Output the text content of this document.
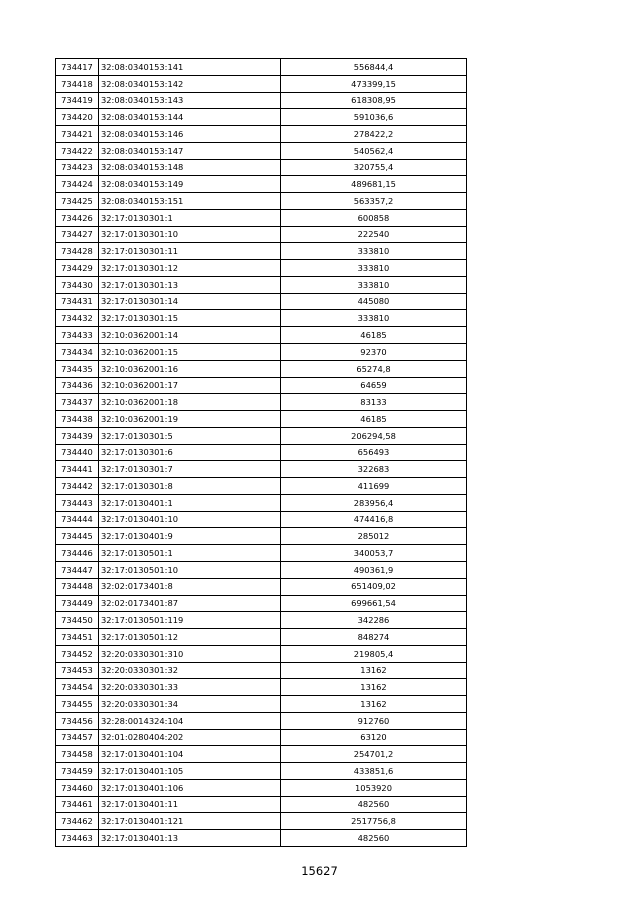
734417	32:08:0340153:141	556844,4
734418	32:08:0340153:142	473399,15
734419	32:08:0340153:143	618308,95
734420	32:08:0340153:144	591036,6
734421	32:08:0340153:146	278422,2
734422	32:08:0340153:147	540562,4
734423	32:08:0340153:148	320755,4
734424	32:08:0340153:149	489681,15
734425	32:08:0340153:151	563357,2
734426	32:17:0130301:1	600858
734427	32:17:0130301:10	222540
734428	32:17:0130301:11	333810
734429	32:17:0130301:12	333810
734430	32:17:0130301:13	333810
734431	32:17:0130301:14	445080
734432	32:17:0130301:15	333810
734433	32:10:0362001:14	46185
734434	32:10:0362001:15	92370
734435	32:10:0362001:16	65274,8
734436	32:10:0362001:17	64659
734437	32:10:0362001:18	83133
734438	32:10:0362001:19	46185
734439	32:17:0130301:5	206294,58
734440	32:17:0130301:6	656493
734441	32:17:0130301:7	322683
734442	32:17:0130301:8	411699
734443	32:17:0130401:1	283956,4
734444	32:17:0130401:10	474416,8
734445	32:17:0130401:9	285012
734446	32:17:0130501:1	340053,7
734447	32:17:0130501:10	490361,9
734448	32:02:0173401:8	651409,02
734449	32:02:0173401:87	699661,54
734450	32:17:0130501:119	342286
734451	32:17:0130501:12	848274
734452	32:20:0330301:310	219805,4
734453	32:20:0330301:32	13162
734454	32:20:0330301:33	13162
734455	32:20:0330301:34	13162
734456	32:28:0014324:104	912760
734457	32:01:0280404:202	63120
734458	32:17:0130401:104	254701,2
734459	32:17:0130401:105	433851,6
734460	32:17:0130401:106	1053920
734461	32:17:0130401:11	482560
734462	32:17:0130401:121	2517756,8
734463	32:17:0130401:13	482560
15627
